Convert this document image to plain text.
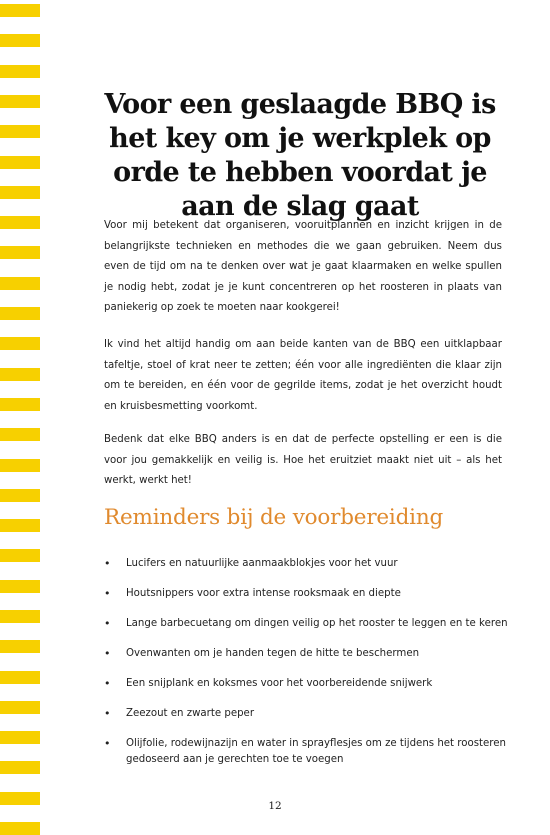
Voor een geslaagde BBQ is het key om je werkplek op orde te hebben voordat je aan de slag gaat

Voor mij betekent dat organiseren, vooruitplannen en inzicht krijgen in de belangrijkste technieken en methodes die we gaan gebruiken. Neem dus even de tijd om na te denken over wat je gaat klaarmaken en welke spullen je nodig hebt, zodat je je kunt concentreren op het roosteren in plaats van paniekerig op zoek te moeten naar kookgerei!

Ik vind het altijd handig om aan beide kanten van de BBQ een uitklapbaar tafeltje, stoel of krat neer te zetten; één voor alle ingrediënten die klaar zijn om te bereiden, en één voor de gegrilde items, zodat je het overzicht houdt en kruisbesmetting voorkomt.

Bedenk dat elke BBQ anders is en dat de perfecte opstelling er een is die voor jou gemakkelijk en veilig is. Hoe het eruitziet maakt niet uit – als het werkt, werkt het!

Reminders bij de voorbereiding
• Lucifers en natuurlijke aanmaakblokjes voor het vuur
• Houtsnippers voor extra intense rooksmaak en diepte
• Lange barbecuetang om dingen veilig op het rooster te leggen en te keren
• Ovenwanten om je handen tegen de hitte te beschermen
• Een snijplank en koksmes voor het voorbereidende snijwerk
• Zeezout en zwarte peper
• Olijfolie, rodewijnazijn en water in sprayflesjes om ze tijdens het roosteren gedoseerd aan je gerechten toe te voegen
12
